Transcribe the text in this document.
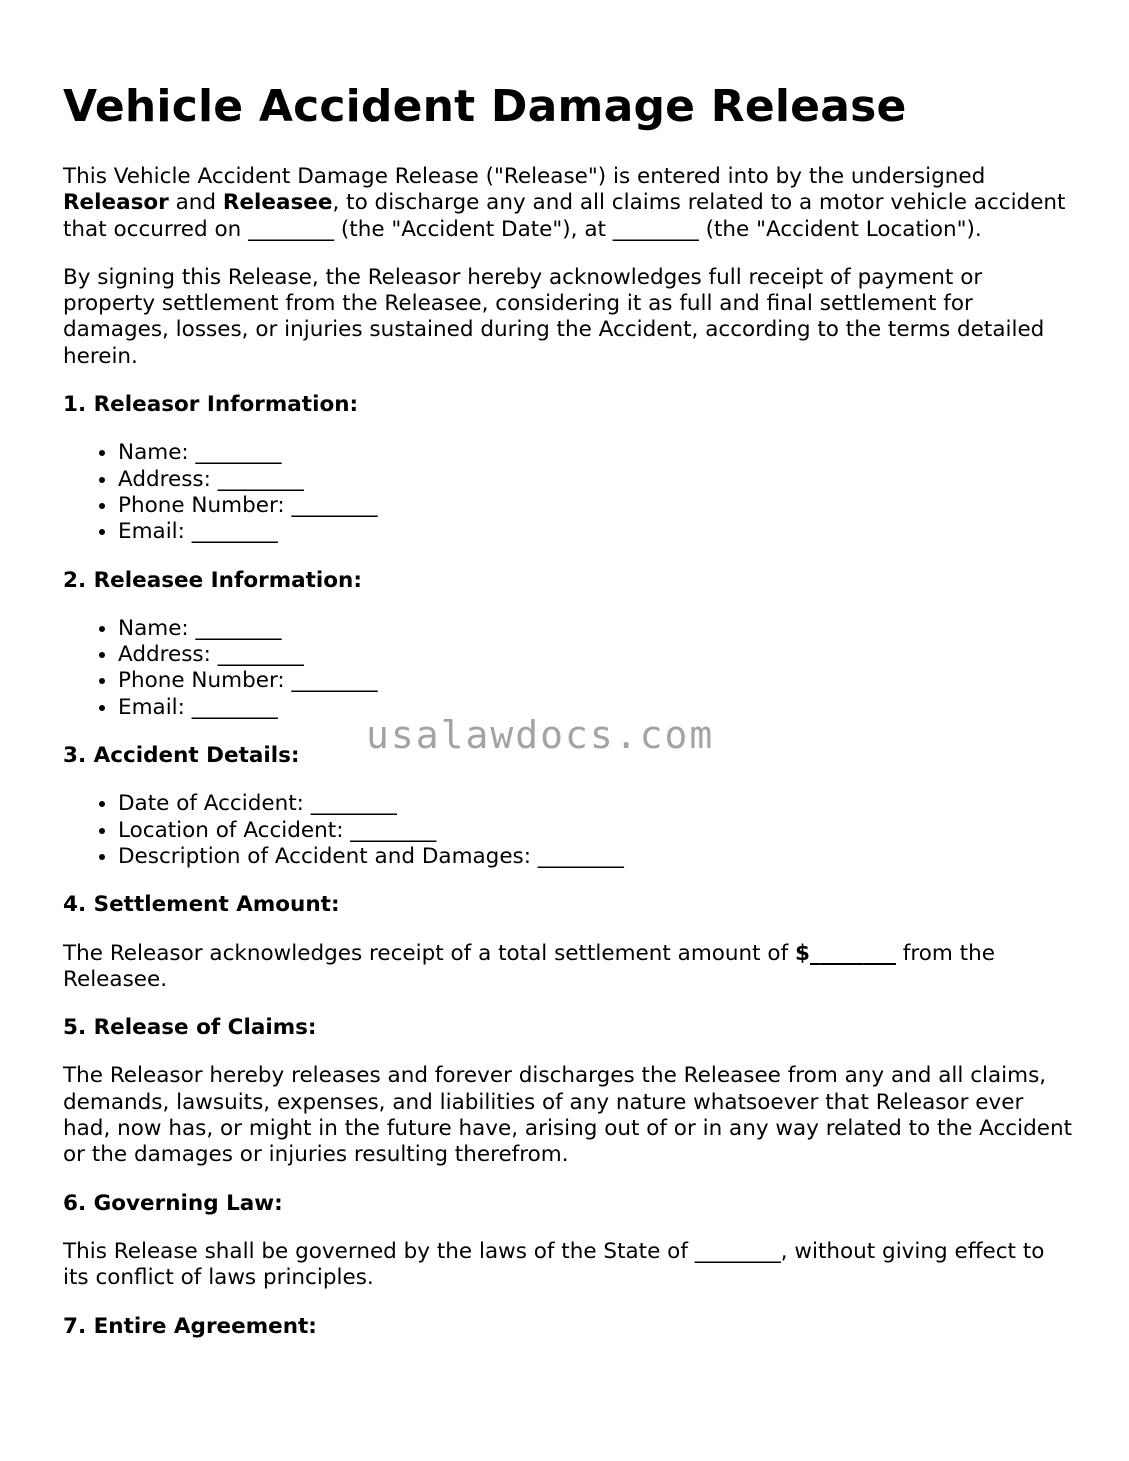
Vehicle Accident Damage Release

This Vehicle Accident Damage Release ("Release") is entered into by the undersigned Releasor and Releasee, to discharge any and all claims related to a motor vehicle accident that occurred on ________ (the "Accident Date"), at ________ (the "Accident Location").

By signing this Release, the Releasor hereby acknowledges full receipt of payment or property settlement from the Releasee, considering it as full and final settlement for damages, losses, or injuries sustained during the Accident, according to the terms detailed herein.

1. Releasor Information:
• Name: ________
• Address: ________
• Phone Number: ________
• Email: ________
2. Releasee Information:
• Name: ________
• Address: ________
• Phone Number: ________
• Email: ________
3. Accident Details:
• Date of Accident: ________
• Location of Accident: ________
• Description of Accident and Damages: ________
4. Settlement Amount:

The Releasor acknowledges receipt of a total settlement amount of $________ from the Releasee.

5. Release of Claims:

The Releasor hereby releases and forever discharges the Releasee from any and all claims, demands, lawsuits, expenses, and liabilities of any nature whatsoever that Releasor ever had, now has, or might in the future have, arising out of or in any way related to the Accident or the damages or injuries resulting therefrom.

6. Governing Law:

This Release shall be governed by the laws of the State of ________, without giving effect to its conflict of laws principles.

7. Entire Agreement:
usalawdocs.com
